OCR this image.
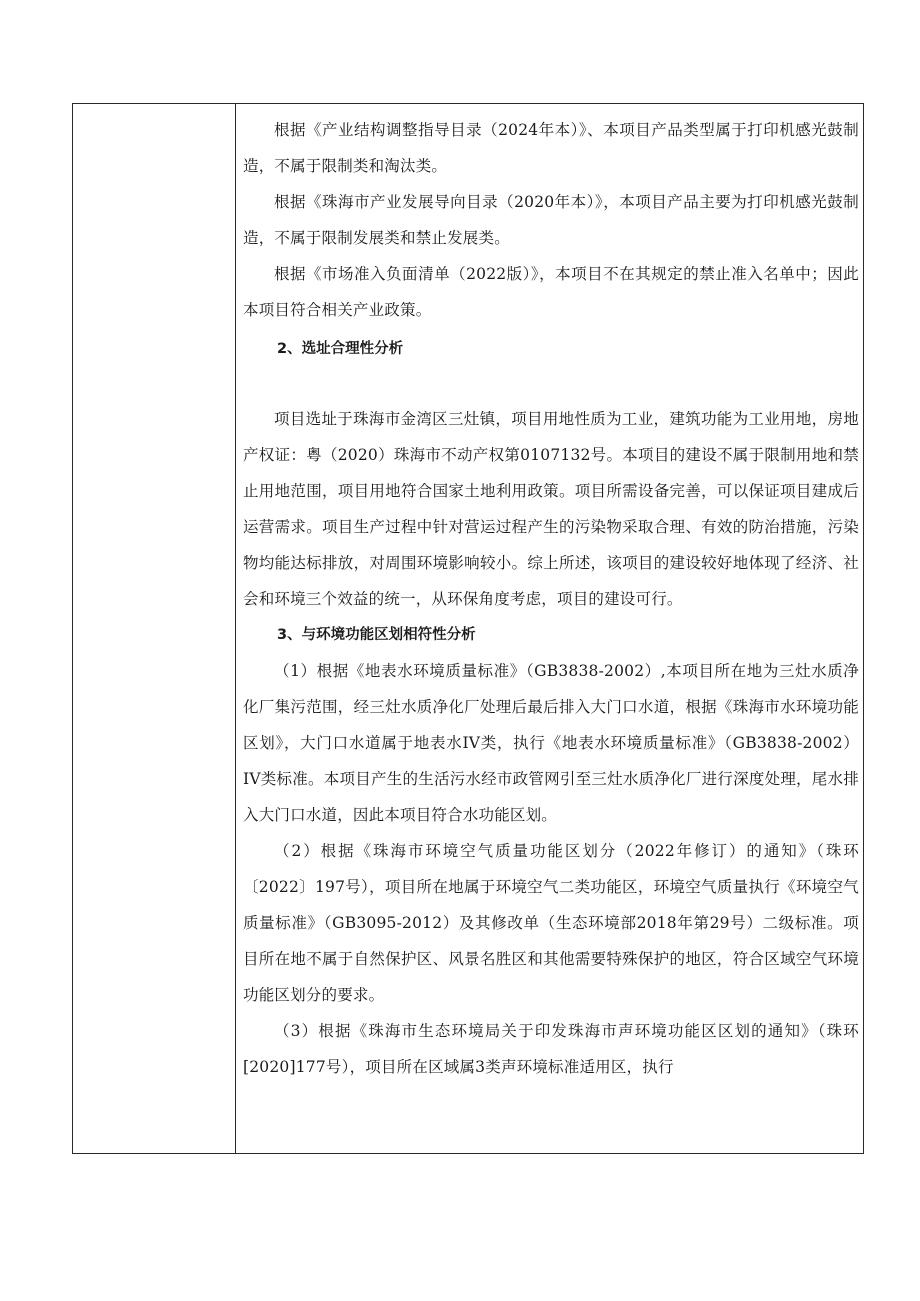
根据《产业结构调整指导目录（2024年本）》、本项目产品类型属于打印机感光鼓制造，不属于限制类和淘汰类。

根据《珠海市产业发展导向目录（2020年本）》，本项目产品主要为打印机感光鼓制造，不属于限制发展类和禁止发展类。

根据《市场准入负面清单（2022版）》，本项目不在其规定的禁止准入名单中；因此本项目符合相关产业政策。

2、选址合理性分析

项目选址于珠海市金湾区三灶镇，项目用地性质为工业，建筑功能为工业用地，房地产权证：粤（2020）珠海市不动产权第0107132号。本项目的建设不属于限制用地和禁止用地范围，项目用地符合国家土地利用政策。项目所需设备完善，可以保证项目建成后运营需求。项目生产过程中针对营运过程产生的污染物采取合理、有效的防治措施，污染物均能达标排放，对周围环境影响较小。综上所述，该项目的建设较好地体现了经济、社会和环境三个效益的统一，从环保角度考虑，项目的建设可行。

3、与环境功能区划相符性分析

（1）根据《地表水环境质量标准》（GB3838-2002）,本项目所在地为三灶水质净化厂集污范围，经三灶水质净化厂处理后最后排入大门口水道，根据《珠海市水环境功能区划》，大门口水道属于地表水IV类，执行《地表水环境质量标准》（GB3838-2002）IV类标准。本项目产生的生活污水经市政管网引至三灶水质净化厂进行深度处理，尾水排入大门口水道，因此本项目符合水功能区划。

（2）根据《珠海市环境空气质量功能区划分（2022年修订）的通知》（珠环〔2022〕197号），项目所在地属于环境空气二类功能区，环境空气质量执行《环境空气质量标准》（GB3095-2012）及其修改单（生态环境部2018年第29号）二级标准。项目所在地不属于自然保护区、风景名胜区和其他需要特殊保护的地区，符合区域空气环境功能区划分的要求。

（3）根据《珠海市生态环境局关于印发珠海市声环境功能区区划的通知》（珠环[2020]177号），项目所在区域属3类声环境标准适用区，执行
